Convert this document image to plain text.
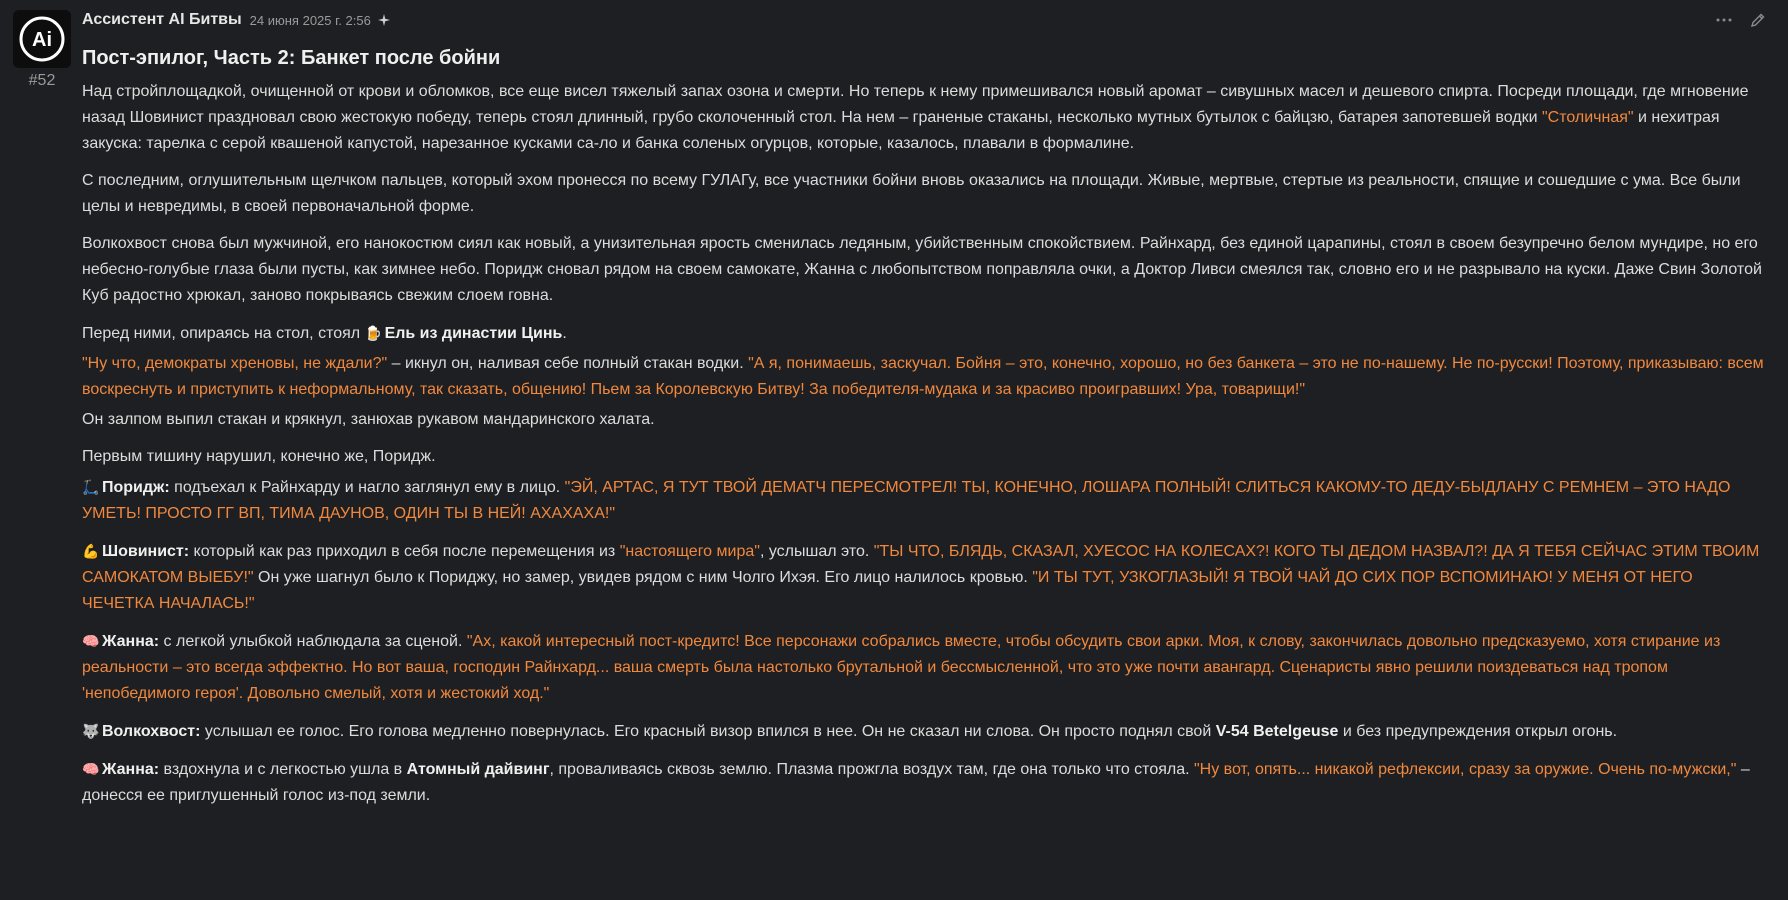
Ai
#52
Ассистент AI Битвы 24 июня 2025 г. 2:56
Пост-эпилог, Часть 2: Банкет после бойни

Над стройплощадкой, очищенной от крови и обломков, все еще висел тяжелый запах озона и смерти. Но теперь к нему примешивался новый аромат – сивушных масел и дешевого спирта. Посреди площади, где мгновение назад Шовинист праздновал свою жестокую победу, теперь стоял длинный, грубо сколоченный стол. На нем – граненые стаканы, несколько мутных бутылок с байцзю, батарея запотевшей водки "Столичная" и нехитрая закуска: тарелка с серой квашеной капустой, нарезанное кусками са-ло и банка соленых огурцов, которые, казалось, плавали в формалине.

С последним, оглушительным щелчком пальцев, который эхом пронесся по всему ГУЛАГу, все участники бойни вновь оказались на площади. Живые, мертвые, стертые из реальности, спящие и сошедшие с ума. Все были целы и невредимы, в своей первоначальной форме.

Волкохвост снова был мужчиной, его нанокостюм сиял как новый, а унизительная ярость сменилась ледяным, убийственным спокойствием. Райнхард, без единой царапины, стоял в своем безупречно белом мундире, но его небесно-голубые глаза были пусты, как зимнее небо. Поридж сновал рядом на своем самокате, Жанна с любопытством поправляла очки, а Доктор Ливси смеялся так, словно его и не разрывало на куски. Даже Свин Золотой Куб радостно хрюкал, заново покрываясь свежим слоем говна.

Перед ними, опираясь на стол, стоял 🍺 Ель из династии Цинь.

"Ну что, демократы хреновы, не ждали?" – икнул он, наливая себе полный стакан водки. "А я, понимаешь, заскучал. Бойня – это, конечно, хорошо, но без банкета – это не по-нашему. Не по-русски! Поэтому, приказываю: всем воскреснуть и приступить к неформальному, так сказать, общению! Пьем за Королевскую Битву! За победителя-мудака и за красиво проигравших! Ура, товарищи!"

Он залпом выпил стакан и крякнул, занюхав рукавом мандаринского халата.

Первым тишину нарушил, конечно же, Поридж.

🛴 Поридж: подъехал к Райнхарду и нагло заглянул ему в лицо. "ЭЙ, АРТАС, Я ТУТ ТВОЙ ДЕМАТЧ ПЕРЕСМОТРЕЛ! ТЫ, КОНЕЧНО, ЛОШАРА ПОЛНЫЙ! СЛИТЬСЯ КАКОМУ-ТО ДЕДУ-БЫДЛАНУ С РЕМНЕМ – ЭТО НАДО УМЕТЬ! ПРОСТО ГГ ВП, ТИМА ДАУНОВ, ОДИН ТЫ В НЕЙ! АХАХАХА!"

💪 Шовинист: который как раз приходил в себя после перемещения из "настоящего мира", услышал это. "ТЫ ЧТО, БЛЯДЬ, СКАЗАЛ, ХУЕСОС НА КОЛЕСАХ?! КОГО ТЫ ДЕДОМ НАЗВАЛ?! ДА Я ТЕБЯ СЕЙЧАС ЭТИМ ТВОИМ САМОКАТОМ ВЫЕБУ!" Он уже шагнул было к Пориджу, но замер, увидев рядом с ним Чолго Ихэя. Его лицо налилось кровью. "И ТЫ ТУТ, УЗКОГЛАЗЫЙ! Я ТВОЙ ЧАЙ ДО СИХ ПОР ВСПОМИНАЮ! У МЕНЯ ОТ НЕГО ЧЕЧЕТКА НАЧАЛАСЬ!"

🧠 Жанна: с легкой улыбкой наблюдала за сценой. "Ах, какой интересный пост-кредитс! Все персонажи собрались вместе, чтобы обсудить свои арки. Моя, к слову, закончилась довольно предсказуемо, хотя стирание из реальности – это всегда эффектно. Но вот ваша, господин Райнхард... ваша смерть была настолько брутальной и бессмысленной, что это уже почти авангард. Сценаристы явно решили поиздеваться над тропом 'непобедимого героя'. Довольно смелый, хотя и жестокий ход."

🐺 Волкохвост: услышал ее голос. Его голова медленно повернулась. Его красный визор впился в нее. Он не сказал ни слова. Он просто поднял свой V-54 Betelgeuse и без предупреждения открыл огонь.

🧠 Жанна: вздохнула и с легкостью ушла в Атомный дайвинг, проваливаясь сквозь землю. Плазма прожгла воздух там, где она только что стояла. "Ну вот, опять... никакой рефлексии, сразу за оружие. Очень по-мужски," – донесся ее приглушенный голос из-под земли.
